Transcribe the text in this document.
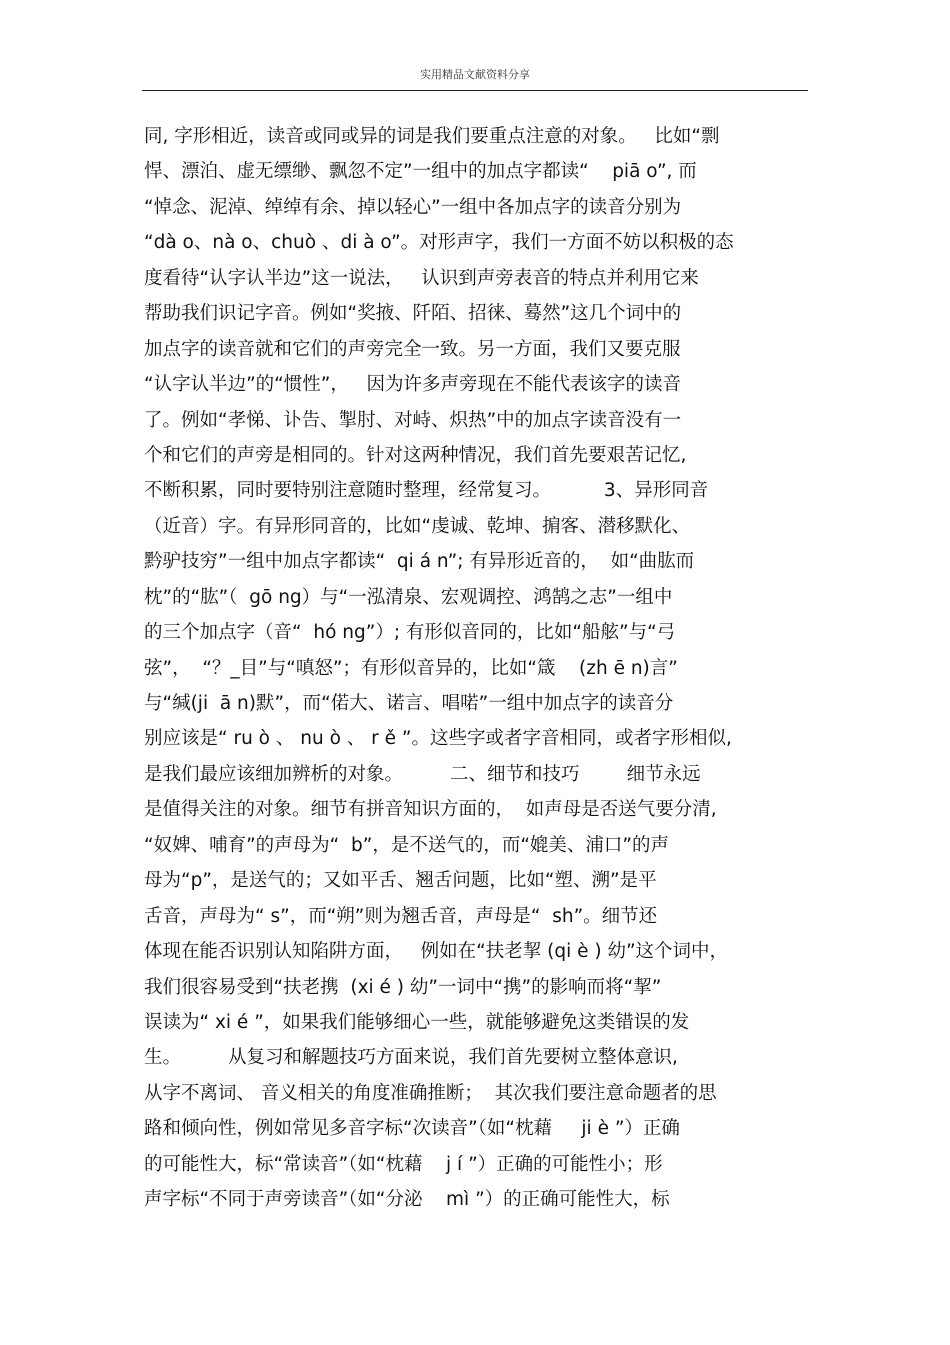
实用精品文献资料分享
同, 字形相近，读音或同或异的词是我们要重点注意的对象。   比如“剽
悍、漂泊、虚无缥缈、飘忽不定”一组中的加点字都读“    piā o”, 而
“悼念、泥淖、绰绰有余、掉以轻心”一组中各加点字的读音分别为
“dà o、nà o、chuò 、di à o”。对形声字，我们一方面不妨以积极的态
度看待“认字认半边”这一说法，   认识到声旁表音的特点并利用它来
帮助我们识记字音。例如“奖掖、阡陌、招徕、蓦然”这几个词中的
加点字的读音就和它们的声旁完全一致。另一方面，我们又要克服
“认字认半边”的“惯性”，   因为许多声旁现在不能代表该字的读音
了。例如“孝悌、讣告、掣肘、对峙、炽热”中的加点字读音没有一
个和它们的声旁是相同的。针对这两种情况，我们首先要艰苦记忆,
不断积累，同时要特别注意随时整理，经常复习。         3、异形同音
（近音）字。有异形同音的，比如“虔诚、乾坤、掮客、潜移默化、
黔驴技穷”一组中加点字都读“  qi á n”; 有异形近音的，  如“曲肱而
枕”的“肱”（  gō ng）与“一泓清泉、宏观调控、鸿鹄之志”一组中
的三个加点字（音“  hó ng”）; 有形似音同的，比如“船舷”与“弓
弦”，  “？_目”与“嗔怒”；有形似音异的，比如“箴    (zh ē n)言”
与“缄(ji  ā n)默”，而“偌大、诺言、唱喏”一组中加点字的读音分
别应该是“ ru ò 、 nu ò 、 r ě ”。这些字或者字音相同，或者字形相似,
是我们最应该细加辨析的对象。        二、细节和技巧        细节永远
是值得关注的对象。细节有拼音知识方面的，  如声母是否送气要分清,
“奴婢、哺育”的声母为“  b”，是不送气的，而“媲美、浦口”的声
母为“p”，是送气的；又如平舌、翘舌问题，比如“塑、溯”是平
舌音，声母为“ s”，而“朔”则为翘舌音，声母是“  sh”。细节还
体现在能否识别认知陷阱方面，   例如在“扶老挈 (qi è ) 幼”这个词中，
我们很容易受到“扶老携  (xi é ) 幼”一词中“携”的影响而将“挈”
误读为“ xi é ”，如果我们能够细心一些，就能够避免这类错误的发
生。        从复习和解题技巧方面来说，我们首先要树立整体意识,
从字不离词、 音义相关的角度准确推断；  其次我们要注意命题者的思
路和倾向性，例如常见多音字标“次读音”（如“枕藉     ji è ”）正确
的可能性大，标“常读音”（如“枕藉    j í ”）正确的可能性小；形
声字标“不同于声旁读音”（如“分泌    mì ”）的正确可能性大，标
